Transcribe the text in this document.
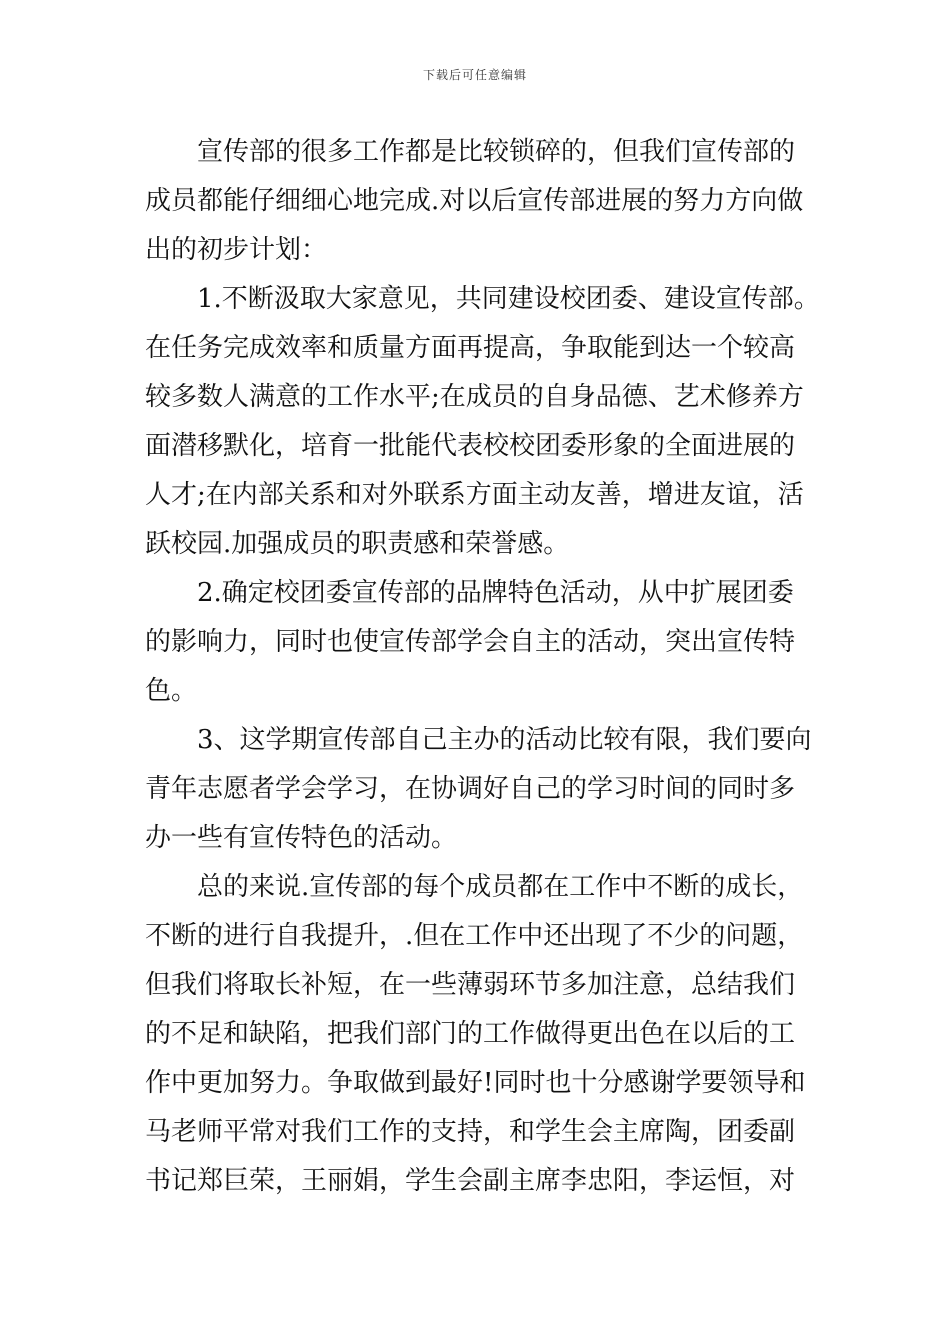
下载后可任意编辑
宣传部的很多工作都是比较锁碎的，但我们宣传部的
成员都能仔细细心地完成.对以后宣传部进展的努力方向做
出的初步计划：
1.不断汲取大家意见，共同建设校团委、建设宣传部。
在任务完成效率和质量方面再提高，争取能到达一个较高
较多数人满意的工作水平;在成员的自身品德、艺术修养方
面潜移默化，培育一批能代表校校团委形象的全面进展的
人才;在内部关系和对外联系方面主动友善，增进友谊，活
跃校园.加强成员的职责感和荣誉感。
2.确定校团委宣传部的品牌特色活动，从中扩展团委
的影响力，同时也使宣传部学会自主的活动，突出宣传特
色。
3、这学期宣传部自己主办的活动比较有限，我们要向
青年志愿者学会学习，在协调好自己的学习时间的同时多
办一些有宣传特色的活动。
总的来说.宣传部的每个成员都在工作中不断的成长，
不断的进行自我提升，.但在工作中还出现了不少的问题，
但我们将取长补短，在一些薄弱环节多加注意，总结我们
的不足和缺陷，把我们部门的工作做得更出色在以后的工
作中更加努力。争取做到最好!同时也十分感谢学要领导和
马老师平常对我们工作的支持，和学生会主席陶，团委副
书记郑巨荣，王丽娟，学生会副主席李忠阳，李运恒，对
